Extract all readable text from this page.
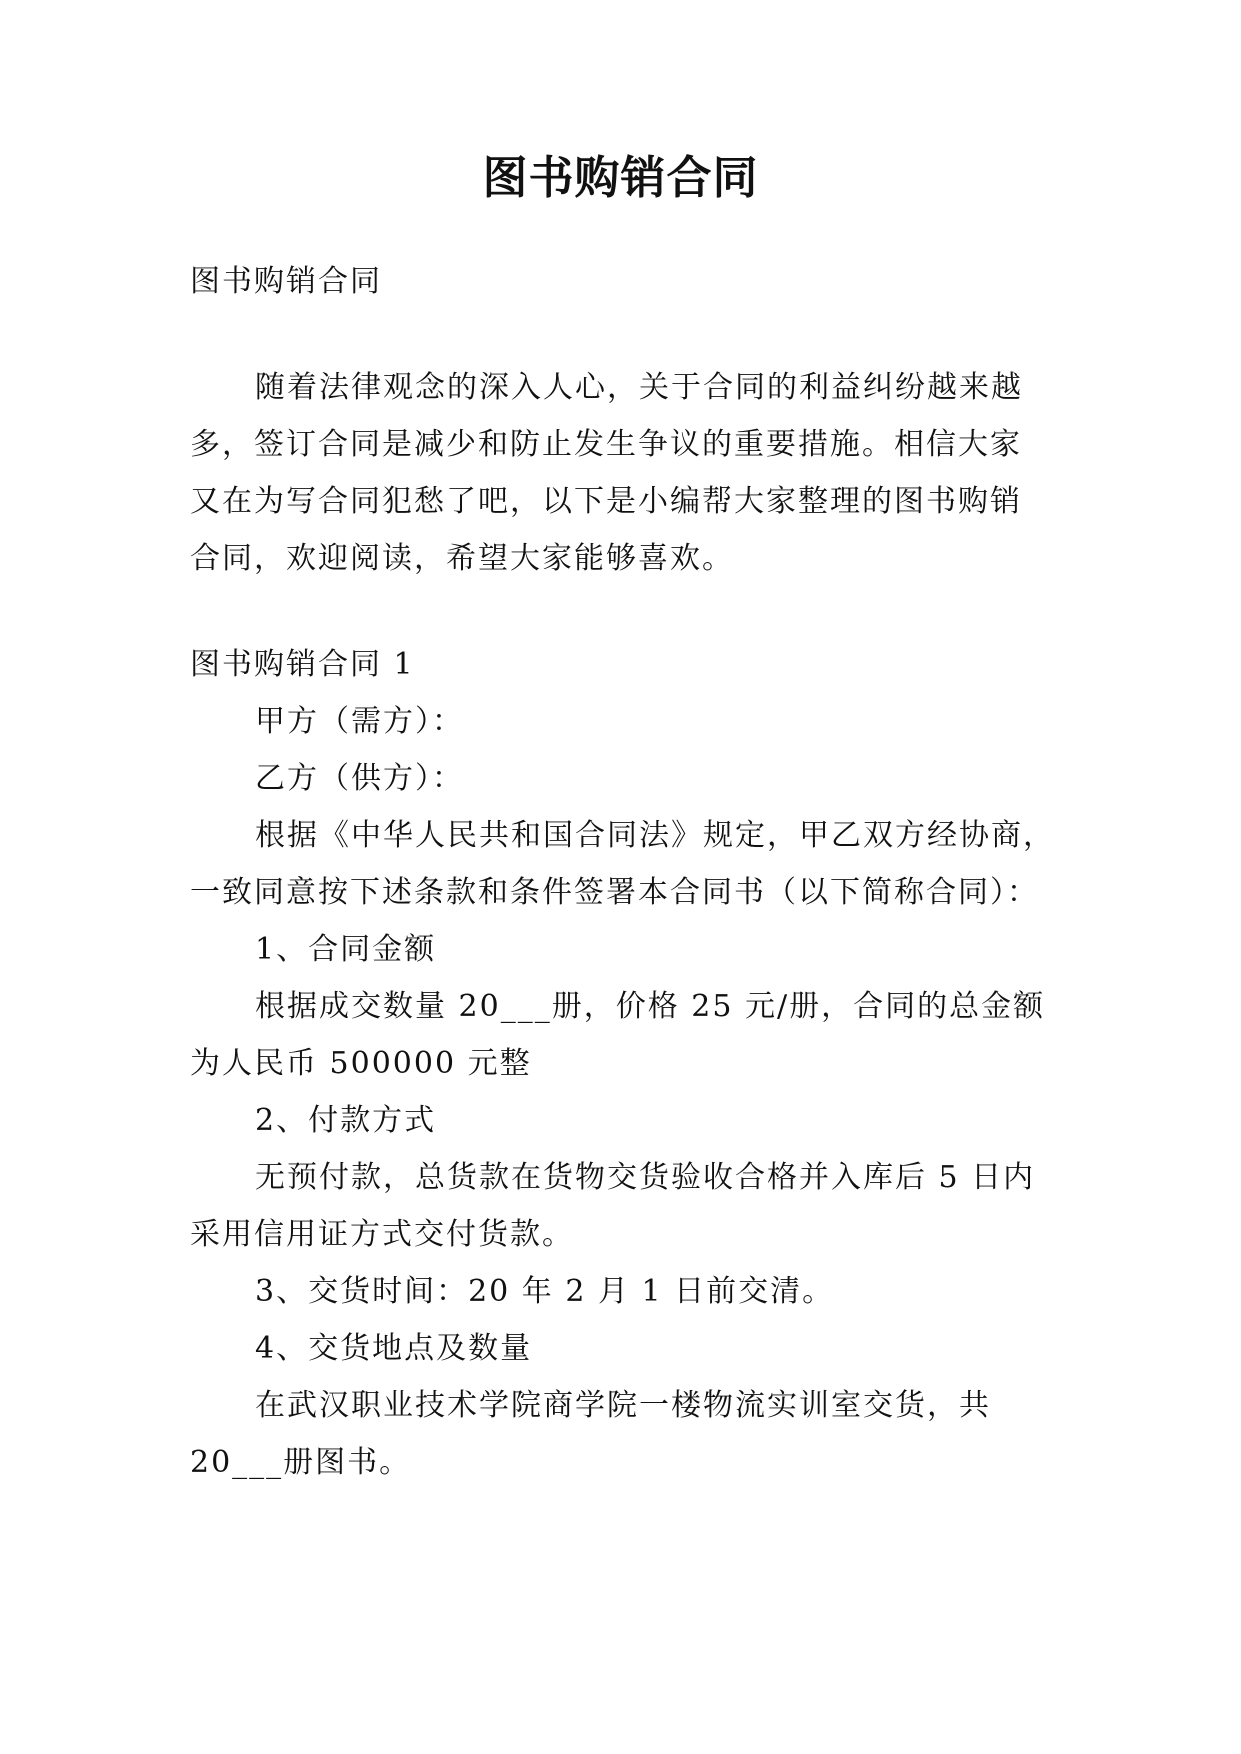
图书购销合同
图书购销合同
随着法律观念的深入人心，关于合同的利益纠纷越来越
多，签订合同是减少和防止发生争议的重要措施。相信大家
又在为写合同犯愁了吧，以下是小编帮大家整理的图书购销
合同，欢迎阅读，希望大家能够喜欢。
图书购销合同 1
甲方（需方）：
乙方（供方）：
根据《中华人民共和国合同法》规定，甲乙双方经协商，
一致同意按下述条款和条件签署本合同书（以下简称合同）：
1、合同金额
根据成交数量 20___册，价格 25 元/册，合同的总金额
为人民币 500000 元整
2、付款方式
无预付款，总货款在货物交货验收合格并入库后 5 日内
采用信用证方式交付货款。
3、交货时间：20 年 2 月 1 日前交清。
4、交货地点及数量
在武汉职业技术学院商学院一楼物流实训室交货，共
20___册图书。
